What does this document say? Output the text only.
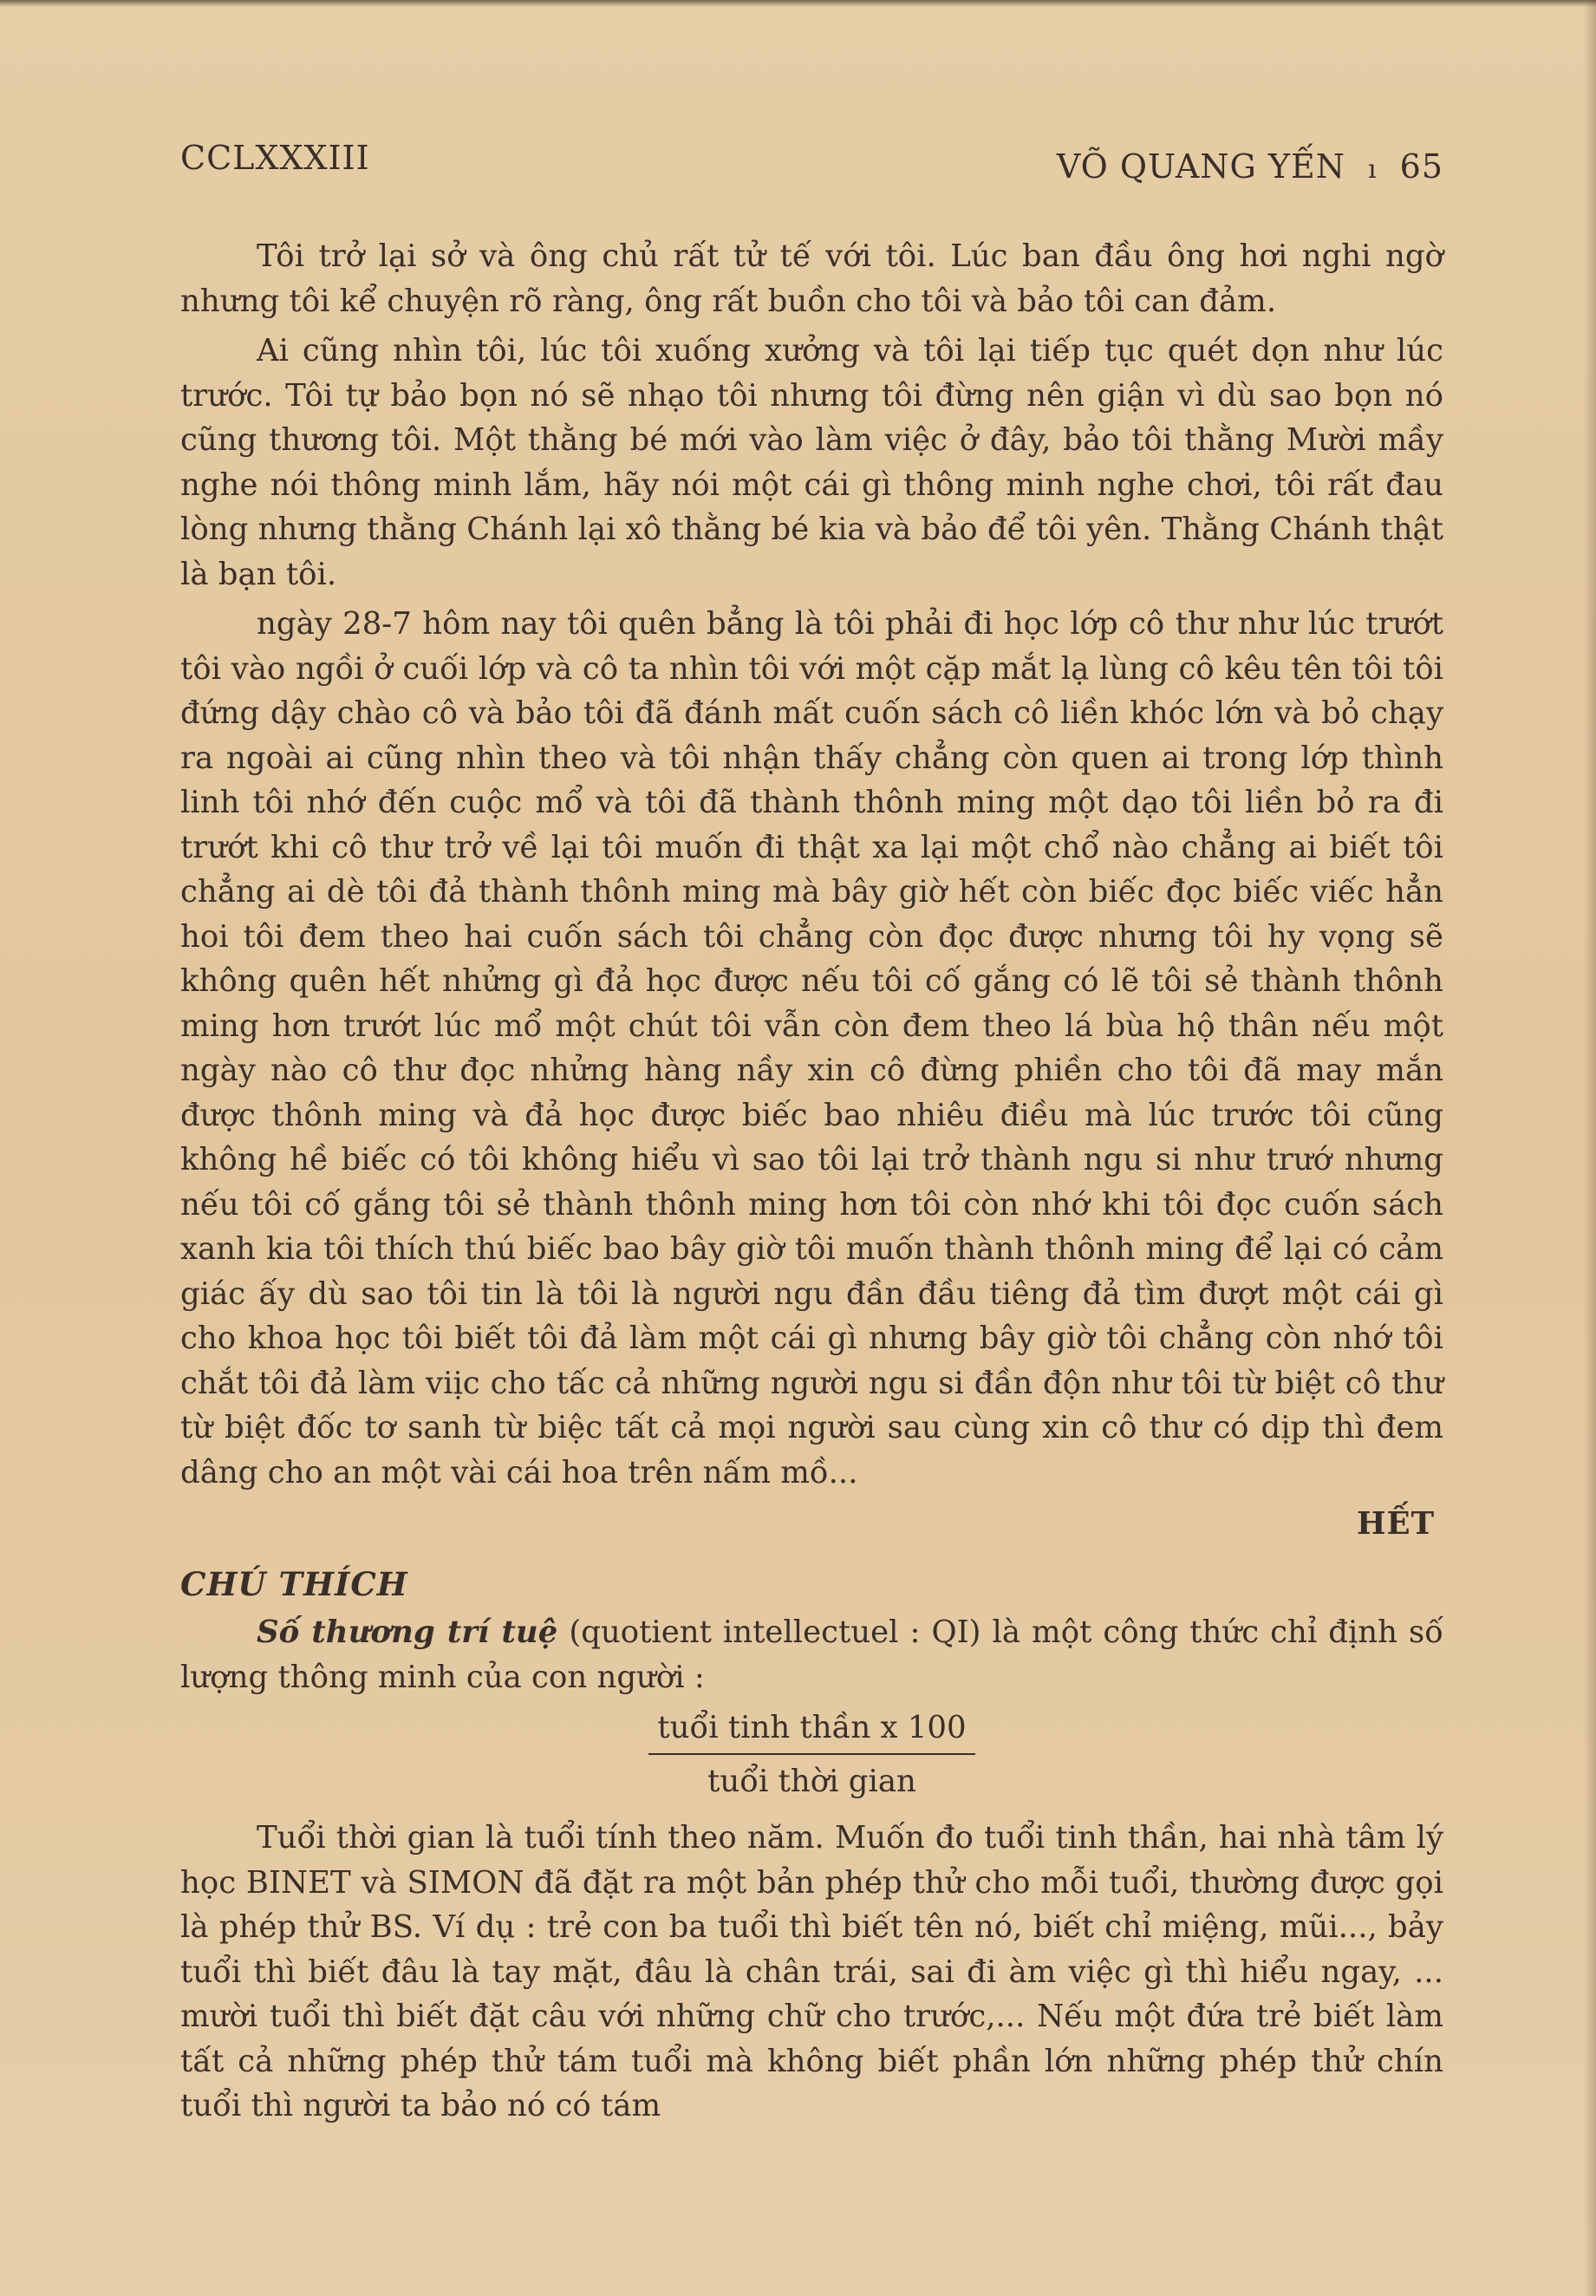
CCLXXXIII	VÕ QUANG YẾN ı 65

Tôi trở lại sở và ông chủ rất tử tế với tôi. Lúc ban đầu ông hơi nghi ngờ nhưng tôi kể chuyện rõ ràng, ông rất buồn cho tôi và bảo tôi can đảm.

Ai cũng nhìn tôi, lúc tôi xuống xưởng và tôi lại tiếp tục quét dọn như lúc trước. Tôi tự bảo bọn nó sẽ nhạo tôi nhưng tôi đừng nên giận vì dù sao bọn nó cũng thương tôi. Một thằng bé mới vào làm việc ở đây, bảo tôi thằng Mười mầy nghe nói thông minh lắm, hãy nói một cái gì thông minh nghe chơi, tôi rất đau lòng nhưng thằng Chánh lại xô thằng bé kia và bảo để tôi yên. Thằng Chánh thật là bạn tôi.

ngày 28-7 hôm nay tôi quên bẳng là tôi phải đi học lớp cô thư như lúc trướt tôi vào ngồi ở cuối lớp và cô ta nhìn tôi với một cặp mắt lạ lùng cô kêu tên tôi tôi đứng dậy chào cô và bảo tôi đã đánh mất cuốn sách cô liền khóc lớn và bỏ chạy ra ngoài ai cũng nhìn theo và tôi nhận thấy chẳng còn quen ai trong lớp thình linh tôi nhớ đến cuộc mổ và tôi đã thành thônh ming một dạo tôi liền bỏ ra đi trướt khi cô thư trở về lại tôi muốn đi thật xa lại một chổ nào chẳng ai biết tôi chẳng ai dè tôi đả thành thônh ming mà bây giờ hết còn biếc đọc biếc viếc hẳn hoi tôi đem theo hai cuốn sách tôi chẳng còn đọc được nhưng tôi hy vọng sẽ không quên hết nhửng gì đả học được nếu tôi cố gắng có lẽ tôi sẻ thành thônh ming hơn trướt lúc mổ một chút tôi vẫn còn đem theo lá bùa hộ thân nếu một ngày nào cô thư đọc nhửng hàng nầy xin cô đừng phiền cho tôi đã may mắn được thônh ming và đả học được biếc bao nhiêu điều mà lúc trước tôi cũng không hề biếc có tôi không hiểu vì sao tôi lại trở thành ngu si như trướ nhưng nếu tôi cố gắng tôi sẻ thành thônh ming hơn tôi còn nhớ khi tôi đọc cuốn sách xanh kia tôi thích thú biếc bao bây giờ tôi muốn thành thônh ming để lại có cảm giác ấy dù sao tôi tin là tôi là người ngu đần đầu tiêng đả tìm đượt một cái gì cho khoa học tôi biết tôi đả làm một cái gì nhưng bây giờ tôi chẳng còn nhớ tôi chắt tôi đả làm viịc cho tấc cả những người ngu si đần độn như tôi từ biệt cô thư từ biệt đốc tơ sanh từ biệc tất cả mọi người sau cùng xin cô thư có dịp thì đem dâng cho an một vài cái hoa trên nấm mồ...

HẾT
CHÚ THÍCH

Số thương trí tuệ (quotient intellectuel : QI) là một công thức chỉ định số lượng thông minh của con người :

$\frac{\text{tuổi tinh thần x 100}}{\text{tuổi thời gian}}$

Tuổi thời gian là tuổi tính theo năm. Muốn đo tuổi tinh thần, hai nhà tâm lý học BINET và SIMON đã đặt ra một bản phép thử cho mỗi tuổi, thường được gọi là phép thử BS. Ví dụ : trẻ con ba tuổi thì biết tên nó, biết chỉ miệng, mũi..., bảy tuổi thì biết đâu là tay mặt, đâu là chân trái, sai đi àm việc gì thì hiểu ngay, ... mười tuổi thì biết đặt câu với những chữ cho trước,... Nếu một đứa trẻ biết làm tất cả những phép thử tám tuổi mà không biết phần lớn những phép thử chín tuổi thì người ta bảo nó có tám
